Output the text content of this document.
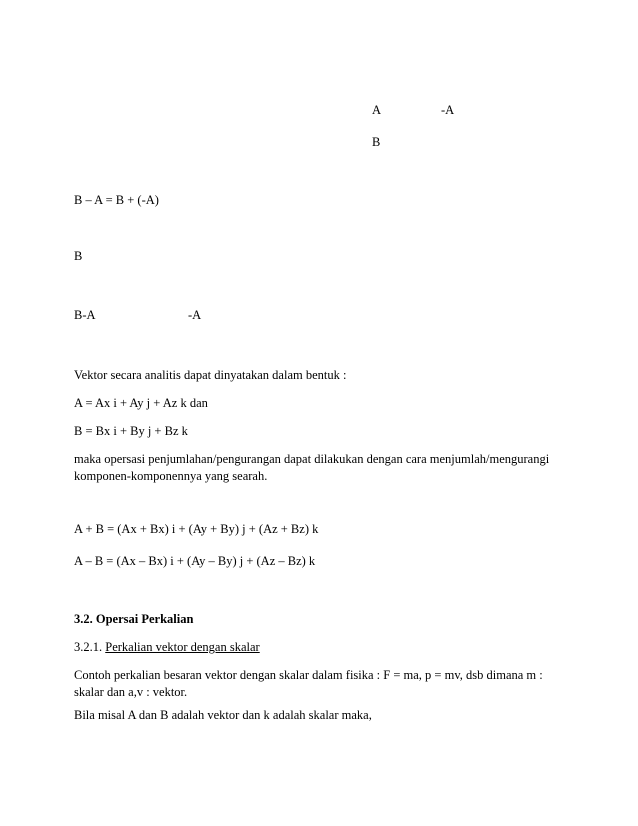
A	-A
B
B – A = B + (-A)
B
B-A	-A
Vektor secara analitis dapat dinyatakan dalam bentuk :
A = Ax i + Ay j + Az k dan
B = Bx i + By j + Bz k
maka opersasi penjumlahan/pengurangan dapat dilakukan dengan cara menjumlah/mengurangi
komponen-komponennya yang searah.
A + B = (Ax + Bx) i + (Ay + By) j + (Az + Bz) k
A – B = (Ax – Bx) i + (Ay – By) j + (Az – Bz) k
3.2. Opersai Perkalian
3.2.1. Perkalian vektor dengan skalar
Contoh perkalian besaran vektor dengan skalar dalam fisika : F = ma, p = mv, dsb dimana m :
skalar dan a,v : vektor.
Bila misal A dan B adalah vektor dan k adalah skalar maka,
